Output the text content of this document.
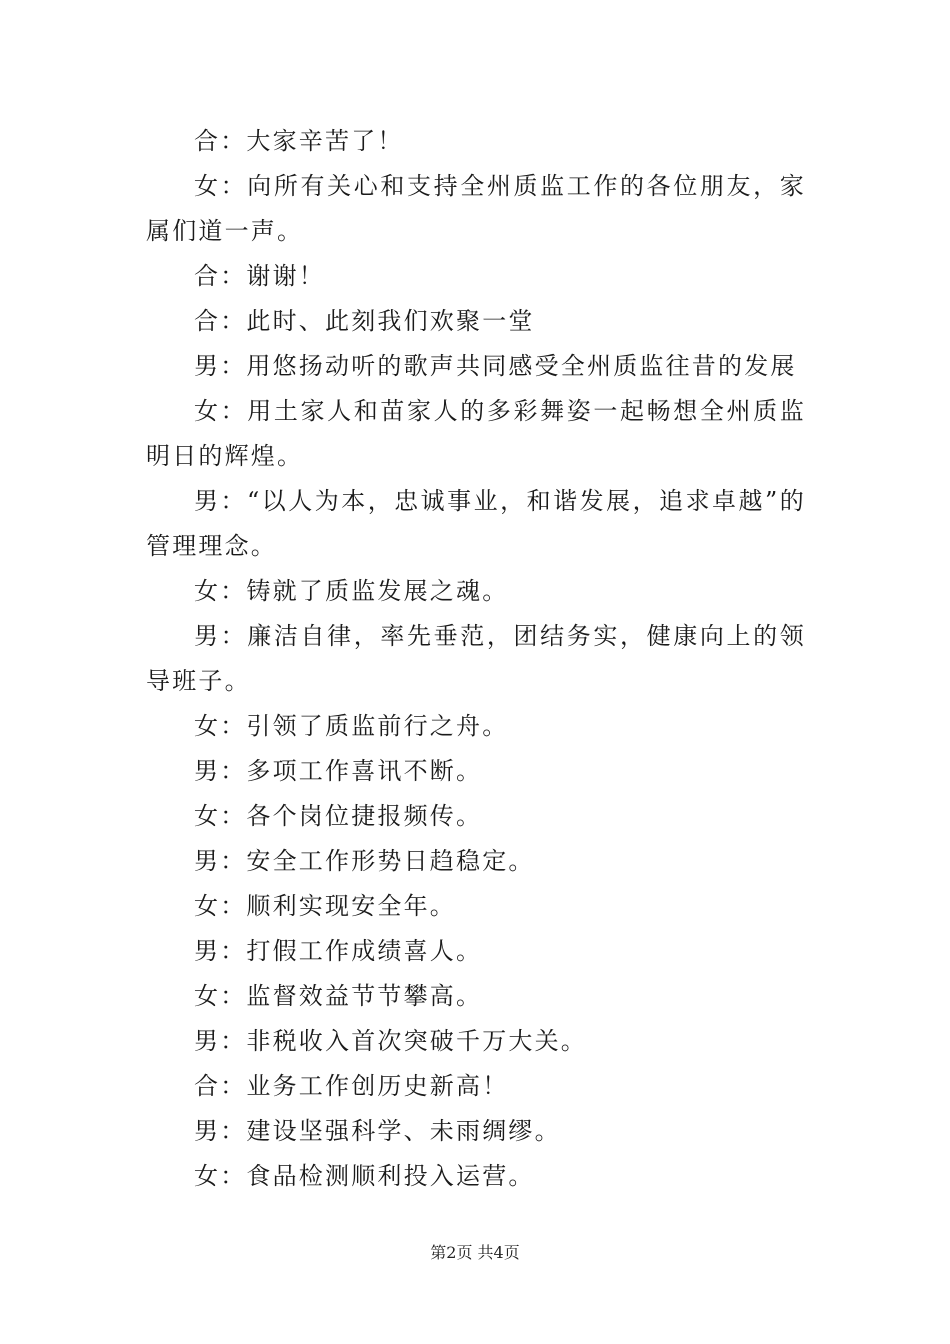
合：大家辛苦了！

女：向所有关心和支持全州质监工作的各位朋友，家属们道一声。

合：谢谢！

合：此时、此刻我们欢聚一堂

男：用悠扬动听的歌声共同感受全州质监往昔的发展

女：用土家人和苗家人的多彩舞姿一起畅想全州质监明日的辉煌。

男：“以人为本，忠诚事业，和谐发展，追求卓越”的管理理念。

女：铸就了质监发展之魂。

男：廉洁自律，率先垂范，团结务实，健康向上的领导班子。

女：引领了质监前行之舟。

男：多项工作喜讯不断。

女：各个岗位捷报频传。

男：安全工作形势日趋稳定。

女：顺利实现安全年。

男：打假工作成绩喜人。

女：监督效益节节攀高。

男：非税收入首次突破千万大关。

合：业务工作创历史新高！

男：建设坚强科学、未雨绸缪。

女：食品检测顺利投入运营。

第2页 共4页
